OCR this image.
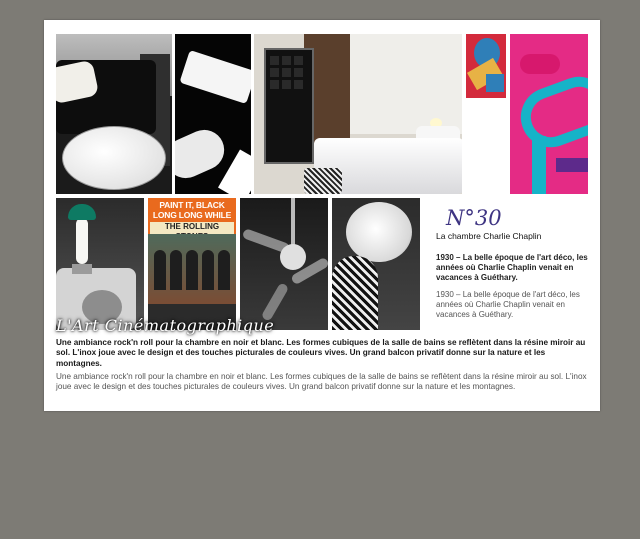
PAINT IT, BLACK
LONG LONG WHILE
THE ROLLING
L'Art Cinématographique
N°30
La chambre Charlie Chaplin
1930 – La belle époque de l'art déco, les années où Charlie Chaplin venait en vacances à Guéthary.
1930 – La belle époque de l'art déco, les années où Charlie Chaplin venait en vacances à Guéthary.
Une ambiance rock'n roll pour la chambre en noir et blanc. Les formes cubiques de la salle de bains se reflètent dans la résine miroir au sol. L'inox joue avec le design et des touches picturales de couleurs vives. Un grand balcon privatif donne sur la nature et les montagnes.
Une ambiance rock'n roll pour la chambre en noir et blanc. Les formes cubiques de la salle de bains se reflètent dans la résine miroir au sol. L'inox joue avec le design et des touches picturales de couleurs vives. Un grand balcon privatif donne sur la nature et les montagnes.
